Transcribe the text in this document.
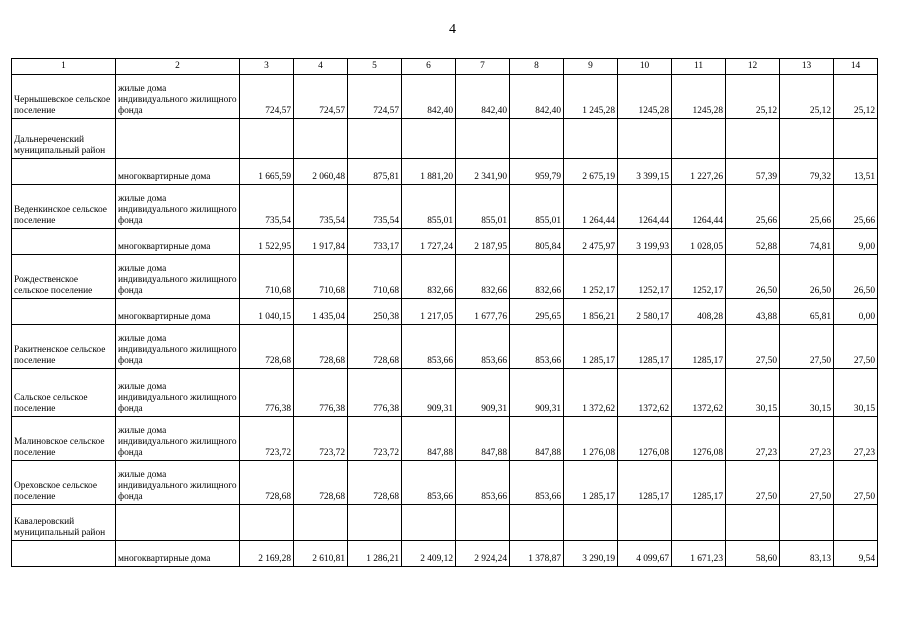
4
1	2	3	4	5	6	7	8	9	10	11	12	13	14
Чернышевское сельское поселение	жилые дома индивидуального жилищного фонда	724,57	724,57	724,57	842,40	842,40	842,40	1 245,28	1245,28	1245,28	25,12	25,12	25,12
Дальнереченский муниципальный район													
	многоквартирные дома	1 665,59	2 060,48	875,81	1 881,20	2 341,90	959,79	2 675,19	3 399,15	1 227,26	57,39	79,32	13,51
Веденкинское сельское поселение	жилые дома индивидуального жилищного фонда	735,54	735,54	735,54	855,01	855,01	855,01	1 264,44	1264,44	1264,44	25,66	25,66	25,66
	многоквартирные дома	1 522,95	1 917,84	733,17	1 727,24	2 187,95	805,84	2 475,97	3 199,93	1 028,05	52,88	74,81	9,00
Рождественское сельское поселение	жилые дома индивидуального жилищного фонда	710,68	710,68	710,68	832,66	832,66	832,66	1 252,17	1252,17	1252,17	26,50	26,50	26,50
	многоквартирные дома	1 040,15	1 435,04	250,38	1 217,05	1 677,76	295,65	1 856,21	2 580,17	408,28	43,88	65,81	0,00
Ракитненское сельское поселение	жилые дома индивидуального жилищного фонда	728,68	728,68	728,68	853,66	853,66	853,66	1 285,17	1285,17	1285,17	27,50	27,50	27,50
Сальское сельское поселение	жилые дома индивидуального жилищного фонда	776,38	776,38	776,38	909,31	909,31	909,31	1 372,62	1372,62	1372,62	30,15	30,15	30,15
Малиновское сельское поселение	жилые дома индивидуального жилищного фонда	723,72	723,72	723,72	847,88	847,88	847,88	1 276,08	1276,08	1276,08	27,23	27,23	27,23
Ореховское сельское поселение	жилые дома индивидуального жилищного фонда	728,68	728,68	728,68	853,66	853,66	853,66	1 285,17	1285,17	1285,17	27,50	27,50	27,50
Кавалеровский муниципальный район													
	многоквартирные дома	2 169,28	2 610,81	1 286,21	2 409,12	2 924,24	1 378,87	3 290,19	4 099,67	1 671,23	58,60	83,13	9,54
